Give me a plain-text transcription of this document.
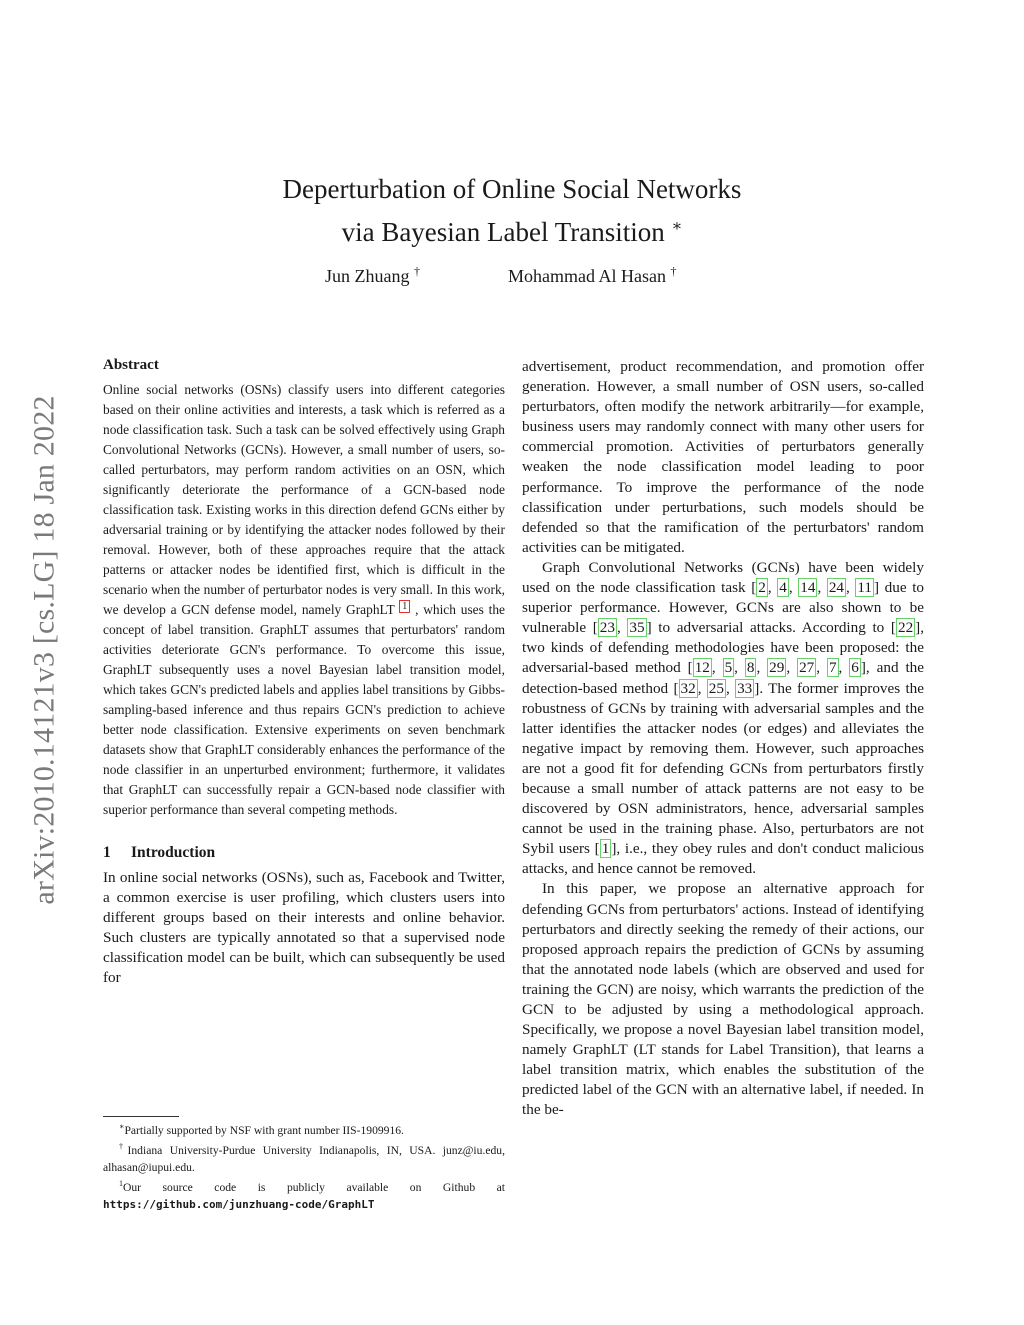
arXiv:2010.14121v3 [cs.LG] 18 Jan 2022
Deperturbation of Online Social Networks
via Bayesian Label Transition ∗
Jun Zhuang †	Mohammad Al Hasan †
Abstract

Online social networks (OSNs) classify users into different categories based on their online activities and interests, a task which is referred as a node classification task. Such a task can be solved effectively using Graph Convolutional Networks (GCNs). However, a small number of users, so-called perturbators, may perform random activities on an OSN, which significantly deteriorate the performance of a GCN-based node classification task. Existing works in this direction defend GCNs either by adversarial training or by identifying the attacker nodes followed by their removal. However, both of these approaches require that the attack patterns or attacker nodes be identified first, which is difficult in the scenario when the number of perturbator nodes is very small. In this work, we develop a GCN defense model, namely GraphLT $^1$ , which uses the concept of label transition. GraphLT assumes that perturbators' random activities deteriorate GCN's performance. To overcome this issue, GraphLT subsequently uses a novel Bayesian label transition model, which takes GCN's predicted labels and applies label transitions by Gibbs-sampling-based inference and thus repairs GCN's prediction to achieve better node classification. Extensive experiments on seven benchmark datasets show that GraphLT considerably enhances the performance of the node classifier in an unperturbed environment; furthermore, it validates that GraphLT can successfully repair a GCN-based node classifier with superior performance than several competing methods.

1 Introduction

In online social networks (OSNs), such as, Facebook and Twitter, a common exercise is user profiling, which clusters users into different groups based on their interests and online behavior. Such clusters are typically annotated so that a supervised node classification model can be built, which can subsequently be used for

advertisement, product recommendation, and promotion offer generation. However, a small number of OSN users, so-called perturbators, often modify the network arbitrarily—for example, business users may randomly connect with many other users for commercial promotion. Activities of perturbators generally weaken the node classification model leading to poor performance. To improve the performance of the node classification under perturbations, such models should be defended so that the ramification of the perturbators' random activities can be mitigated.

Graph Convolutional Networks (GCNs) have been widely used on the node classification task [ 2 , 4 , 14 , 24 , 11 ] due to superior performance. However, GCNs are also shown to be vulnerable [ 23 , 35 ] to adversarial attacks. According to [ 22 ], two kinds of defending methodologies have been proposed: the adversarial-based method [ 12 , 5 , 8 , 29 , 27 , 7 , 6 ], and the detection-based method [ 32 , 25 , 33 ]. The former improves the robustness of GCNs by training with adversarial samples and the latter identifies the attacker nodes (or edges) and alleviates the negative impact by removing them. However, such approaches are not a good fit for defending GCNs from perturbators firstly because a small number of attack patterns are not easy to be discovered by OSN administrators, hence, adversarial samples cannot be used in the training phase. Also, perturbators are not Sybil users [ 1 ], i.e., they obey rules and don't conduct malicious attacks, and hence cannot be removed.

In this paper, we propose an alternative approach for defending GCNs from perturbators' actions. Instead of identifying perturbators and directly seeking the remedy of their actions, our proposed approach repairs the prediction of GCNs by assuming that the annotated node labels (which are observed and used for training the GCN) are noisy, which warrants the prediction of the GCN to be adjusted by using a methodological approach. Specifically, we propose a novel Bayesian label transition model, namely GraphLT (LT stands for Label Transition), that learns a label transition matrix, which enables the substitution of the predicted label of the GCN with an alternative label, if needed. In the be-

∗Partially supported by NSF with grant number IIS-1909916.

†Indiana University-Purdue University Indianapolis, IN, USA. junz@iu.edu, alhasan@iupui.edu.

$^1$Our source code is publicly available on Github at https://github.com/junzhuang-code/GraphLT
